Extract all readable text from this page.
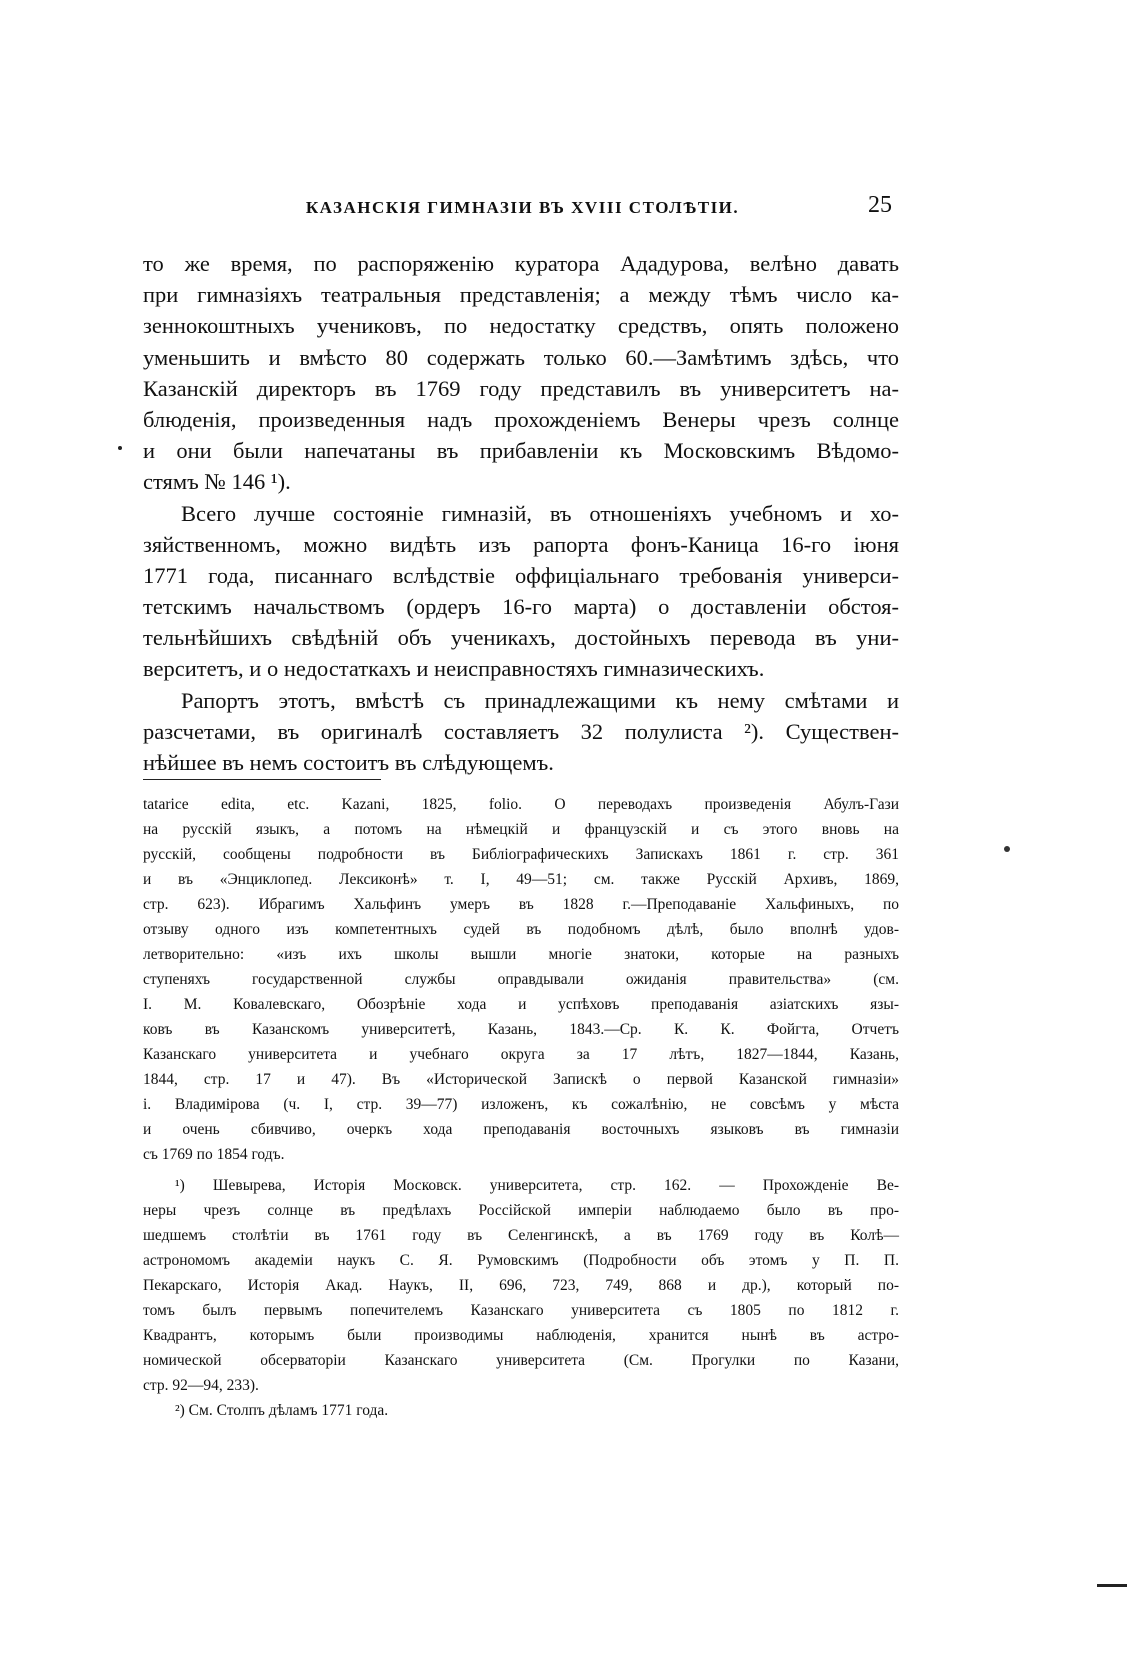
КАЗАНСКІЯ ГИМНАЗІИ ВЪ XVIII СТОЛѢТІИ.	25
то же время, по распоряженію куратора Ададурова, велѣно давать
при гимназіяхъ театральныя представленія; а между тѣмъ число ка-
зеннокоштныхъ учениковъ, по недостатку средствъ, опять положено
уменьшить и вмѣсто 80 содержать только 60.—Замѣтимъ здѣсь, что
Казанскій директоръ въ 1769 году представилъ въ университетъ на-
блюденія, произведенныя надъ прохожденіемъ Венеры чрезъ солнце
и они были напечатаны въ прибавленіи къ Московскимъ Вѣдомо-
стямъ № 146 ¹).
Всего лучше состояніе гимназій, въ отношеніяхъ учебномъ и хо-
зяйственномъ, можно видѣть изъ рапорта фонъ-Каница 16-го іюня
1771 года, писаннаго вслѣдствіе оффиціальнаго требованія универси-
тетскимъ начальствомъ (ордеръ 16-го марта) о доставленіи обстоя-
тельнѣйшихъ свѣдѣній объ ученикахъ, достойныхъ перевода въ уни-
верситетъ, и о недостаткахъ и неисправностяхъ гимназическихъ.
Рапортъ этотъ, вмѣстѣ съ принадлежащими къ нему смѣтами и
разсчетами, въ оригиналѣ составляетъ 32 полулиста ²). Существен-
нѣйшее въ немъ состоитъ въ слѣдующемъ.
tatarice edita, etc. Kazani, 1825, folio. О переводахъ произведенія Абулъ-Гази
на русскій языкъ, а потомъ на нѣмецкій и французскій и съ этого вновь на
русскій, сообщены подробности въ Библіографическихъ Запискахъ 1861 г. стр. 361
и въ «Энциклопед. Лексиконѣ» т. I, 49—51; см. также Русскій Архивъ, 1869,
стр. 623). Ибрагимъ Хальфинъ умеръ въ 1828 г.—Преподаваніе Хальфиныхъ, по
отзыву одного изъ компетентныхъ судей въ подобномъ дѣлѣ, было вполнѣ удов-
летворительно: «изъ ихъ школы вышли многіе знатоки, которые на разныхъ
ступеняхъ государственной службы оправдывали ожиданія правительства» (см.
І. М. Ковалевскаго, Обозрѣніе хода и успѣховъ преподаванія азіатскихъ язы-
ковъ въ Казанскомъ университетѣ, Казань, 1843.—Ср. К. К. Фойгта, Отчетъ
Казанскаго университета и учебнаго округа за 17 лѣтъ, 1827—1844, Казань,
1844, стр. 17 и 47). Въ «Исторической Запискѣ о первой Казанской гимназіи»
і. Владимірова (ч. I, стр. 39—77) изложенъ, къ сожалѣнію, не совсѣмъ у мѣста
и очень сбивчиво, очеркъ хода преподаванія восточныхъ языковъ въ гимназіи
съ 1769 по 1854 годъ.
¹) Шевырева, Исторія Московск. университета, стр. 162. — Прохожденіе Ве-
неры чрезъ солнце въ предѣлахъ Россійской имперіи наблюдаемо было въ про-
шедшемъ столѣтіи въ 1761 году въ Селенгинскѣ, а въ 1769 году въ Колѣ—
астрономомъ академіи наукъ С. Я. Румовскимъ (Подробности объ этомъ у П. П.
Пекарскаго, Исторія Акад. Наукъ, II, 696, 723, 749, 868 и др.), который по-
томъ былъ первымъ попечителемъ Казанскаго университета съ 1805 по 1812 г.
Квадрантъ, которымъ были производимы наблюденія, хранится нынѣ въ астро-
номической обсерваторіи Казанскаго университета (См. Прогулки по Казани,
стр. 92—94, 233).
²) См. Столпъ дѣламъ 1771 года.
